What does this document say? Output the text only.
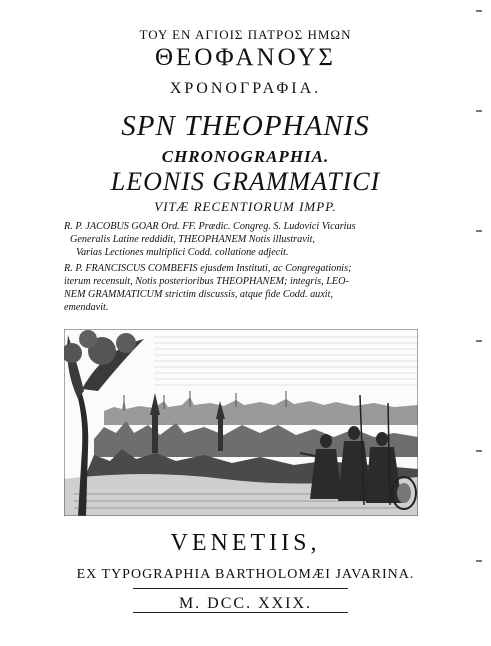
ΤΟΥ ΕΝ ΑΓΙΟΙΣ ΠΑΤΡΟΣ ΗΜΩΝ
ΘΕΟΦΑΝΟΥΣ
ΧΡΟΝΟΓΡΑΦΙΑ.
SPN THEOPHANIS
CHRONOGRAPHIA.
LEONIS GRAMMATICI
VITÆ RECENTIORUM IMPP.
R. P. JACOBUS GOAR Ord. FF. Prædic. Congreg. S. Ludovici Vicarius
Generalis Latine reddidit, THEOPHANEM Notis illustravit,
Varias Lectiones multiplici Codd. collatione adjecit.
R. P. FRANCISCUS COMBEFIS ejusdem Instituti, ac Congregationis;
iterum recensuit, Notis posterioribus THEOPHANEM; integris, LEO-
NEM GRAMMATICUM strictim discussis, atque fide Codd. auxit,
emendavit.
VENETIIS,
EX TYPOGRAPHIA BARTHOLOMÆI JAVARINA.
M. DCC. XXIX.
